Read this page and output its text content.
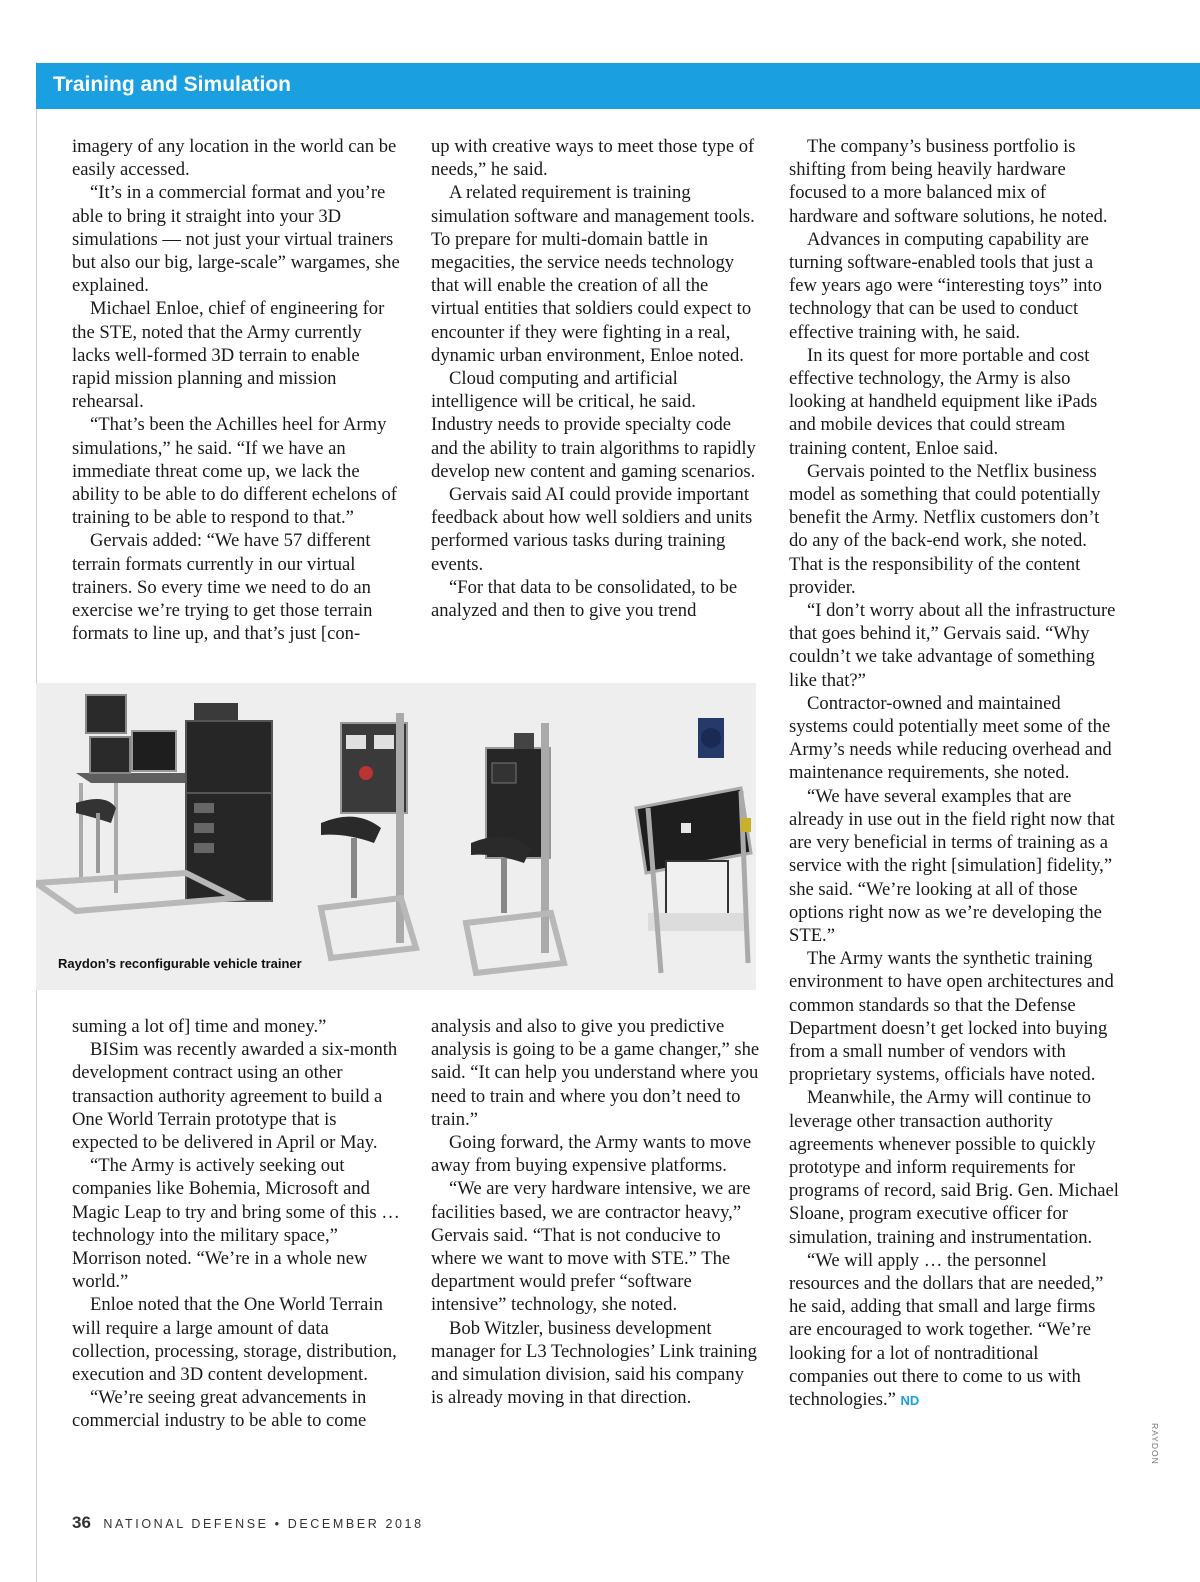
Training and Simulation

imagery of any location in the world can be easily accessed.

“It’s in a commercial format and you’re able to bring it straight into your 3D simulations — not just your virtual trainers but also our big, large-scale” wargames, she explained.

Michael Enloe, chief of engineering for the STE, noted that the Army currently lacks well-formed 3D terrain to enable rapid mission planning and mission rehearsal.

“That’s been the Achilles heel for Army simulations,” he said. “If we have an immediate threat come up, we lack the ability to be able to do different echelons of training to be able to respond to that.”

Gervais added: “We have 57 different terrain formats currently in our virtual trainers. So every time we need to do an exercise we’re trying to get those terrain formats to line up, and that’s just [con-

up with creative ways to meet those type of needs,” he said.

A related requirement is training simulation software and management tools. To prepare for multi-domain battle in megacities, the service needs technology that will enable the creation of all the virtual entities that soldiers could expect to encounter if they were fighting in a real, dynamic urban environment, Enloe noted.

Cloud computing and artificial intelligence will be critical, he said. Industry needs to provide specialty code and the ability to train algorithms to rapidly develop new content and gaming scenarios.

Gervais said AI could provide important feedback about how well soldiers and units performed various tasks during training events.

“For that data to be consolidated, to be analyzed and then to give you trend

The company’s business portfolio is shifting from being heavily hardware focused to a more balanced mix of hardware and software solutions, he noted.

Advances in computing capability are turning software-enabled tools that just a few years ago were “interesting toys” into technology that can be used to conduct effective training with, he said.

In its quest for more portable and cost effective technology, the Army is also looking at handheld equipment like iPads and mobile devices that could stream training content, Enloe said.

Gervais pointed to the Netflix business model as something that could potentially benefit the Army. Netflix customers don’t do any of the back-end work, she noted. That is the responsibility of the content provider.

“I don’t worry about all the infrastructure that goes behind it,” Gervais said. “Why couldn’t we take advantage of something like that?”

Contractor-owned and maintained systems could potentially meet some of the Army’s needs while reducing overhead and maintenance requirements, she noted.

“We have several examples that are already in use out in the field right now that are very beneficial in terms of training as a service with the right [simulation] fidelity,” she said. “We’re looking at all of those options right now as we’re developing the STE.”

The Army wants the synthetic training environment to have open architectures and common standards so that the Defense Department doesn’t get locked into buying from a small number of vendors with proprietary systems, officials have noted.

Meanwhile, the Army will continue to leverage other transaction authority agreements whenever possible to quickly prototype and inform requirements for programs of record, said Brig. Gen. Michael Sloane, program executive officer for simulation, training and instrumentation.

“We will apply … the personnel resources and the dollars that are needed,” he said, adding that small and large firms are encouraged to work together. “We’re looking for a lot of nontraditional companies out there to come to us with technologies.” ND

Raydon’s reconfigurable vehicle trainer

suming a lot of] time and money.”

BISim was recently awarded a six-month development contract using an other transaction authority agreement to build a One World Terrain prototype that is expected to be delivered in April or May.

“The Army is actively seeking out companies like Bohemia, Microsoft and Magic Leap to try and bring some of this … technology into the military space,” Morrison noted. “We’re in a whole new world.”

Enloe noted that the One World Terrain will require a large amount of data collection, processing, storage, distribution, execution and 3D content development.

“We’re seeing great advancements in commercial industry to be able to come

analysis and also to give you predictive analysis is going to be a game changer,” she said. “It can help you understand where you need to train and where you don’t need to train.”

Going forward, the Army wants to move away from buying expensive platforms.

“We are very hardware intensive, we are facilities based, we are contractor heavy,” Gervais said. “That is not conducive to where we want to move with STE.” The department would prefer “software intensive” technology, she noted.

Bob Witzler, business development manager for L3 Technologies’ Link training and simulation division, said his company is already moving in that direction.

RAYDON
36 NATIONAL DEFENSE • DECEMBER 2018
